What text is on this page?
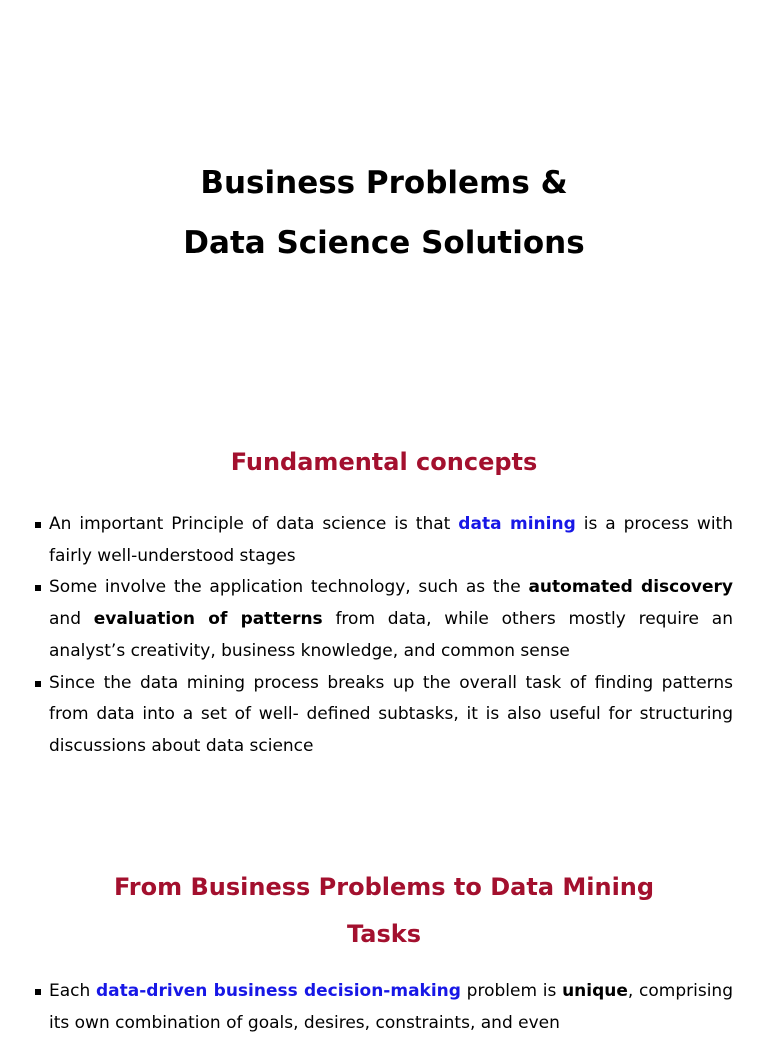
Business Problems &
Data Science Solutions
Fundamental concepts
An important Principle of data science is that data mining is a process with fairly well-understood stages
Some involve the application technology, such as the automated discovery and evaluation of patterns from data, while others mostly require an analyst’s creativity, business knowledge, and common sense
Since the data mining process breaks up the overall task of finding patterns from data into a set of well- defined subtasks, it is also useful for structuring discussions about data science
From Business Problems to Data Mining
Tasks
Each data-driven business decision-making problem is unique, comprising its own combination of goals, desires, constraints, and even
